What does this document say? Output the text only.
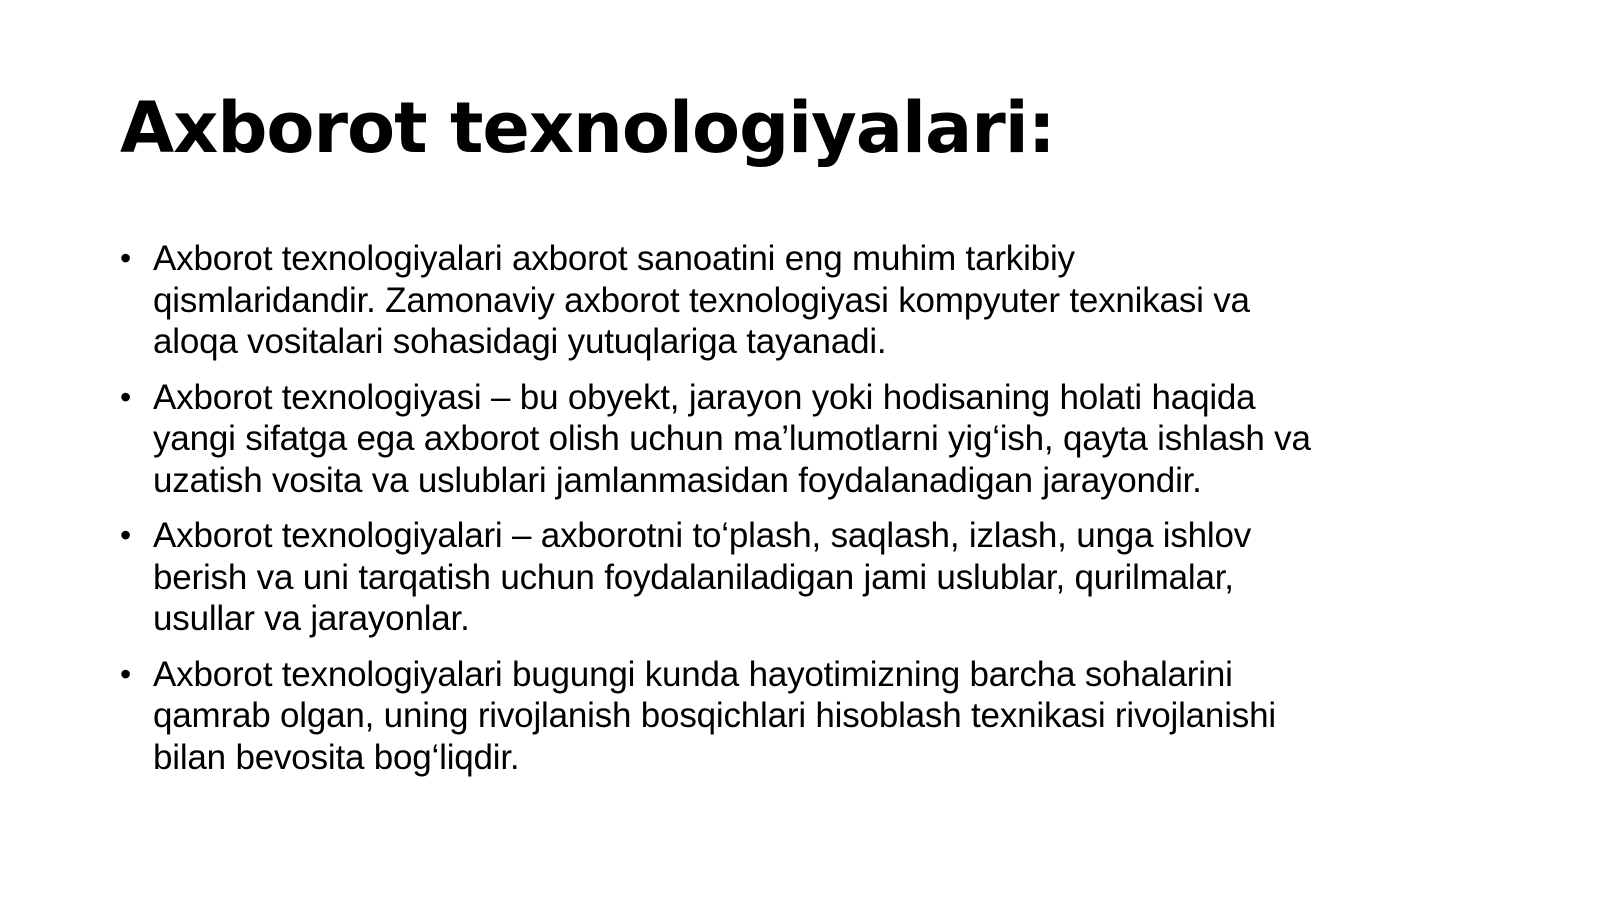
Axborot texnologiyalari:
• Axborot texnologiyalari axborot sanoatini eng muhim tarkibiy
qismlaridandir. Zamonaviy axborot texnologiyasi kompyuter texnikasi va
aloqa vositalari sohasidagi yutuqlariga tayanadi.
• Axborot texnologiyasi – bu obyekt, jarayon yoki hodisaning holati haqida
yangi sifatga ega axborot olish uchun ma’lumotlarni yig‘ish, qayta ishlash va
uzatish vosita va uslublari jamlanmasidan foydalanadigan jarayondir.
• Axborot texnologiyalari – axborotni to‘plash, saqlash, izlash, unga ishlov
berish va uni tarqatish uchun foydalaniladigan jami uslublar, qurilmalar,
usullar va jarayonlar.
• Axborot texnologiyalari bugungi kunda hayotimizning barcha sohalarini
qamrab olgan, uning rivojlanish bosqichlari hisoblash texnikasi rivojlanishi
bilan bevosita bog‘liqdir.
